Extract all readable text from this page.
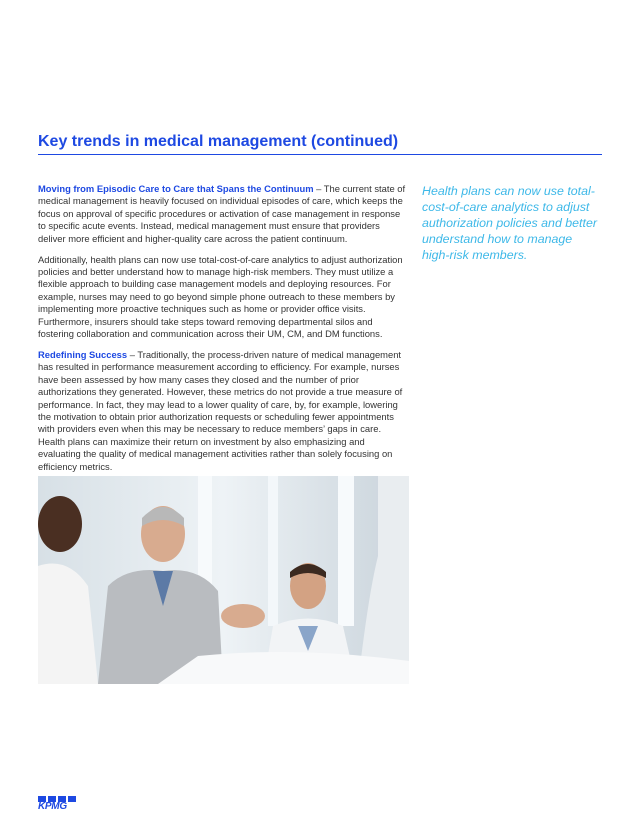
Key trends in medical management (continued)

Moving from Episodic Care to Care that Spans the Continuum – The current state of medical management is heavily focused on individual episodes of care, which keeps the focus on approval of specific procedures or activation of case management in response to specific acute events. Instead, medical management must ensure that providers deliver more efficient and higher-quality care across the patient continuum.

Additionally, health plans can now use total-cost-of-care analytics to adjust authorization policies and better understand how to manage high-risk members. They must utilize a flexible approach to building case management models and deploying resources. For example, nurses may need to go beyond simple phone outreach to these members by implementing more proactive techniques such as home or provider office visits. Furthermore, insurers should take steps toward removing departmental silos and fostering collaboration and communication across their UM, CM, and DM functions.

Redefining Success – Traditionally, the process-driven nature of medical management has resulted in performance measurement according to efficiency. For example, nurses have been assessed by how many cases they closed and the number of prior authorizations they generated. However, these metrics do not provide a true measure of performance. In fact, they may lead to a lower quality of care, by, for example, lowering the motivation to obtain prior authorization requests or scheduling fewer appointments with providers even when this may be necessary to reduce members’ gaps in care. Health plans can maximize their return on investment by also emphasizing and evaluating the quality of medical management activities rather than solely focusing on efficiency metrics.

Health plans can now use total-cost-of-care analytics to adjust authorization policies and better understand how to manage high-risk members.

KPMG
